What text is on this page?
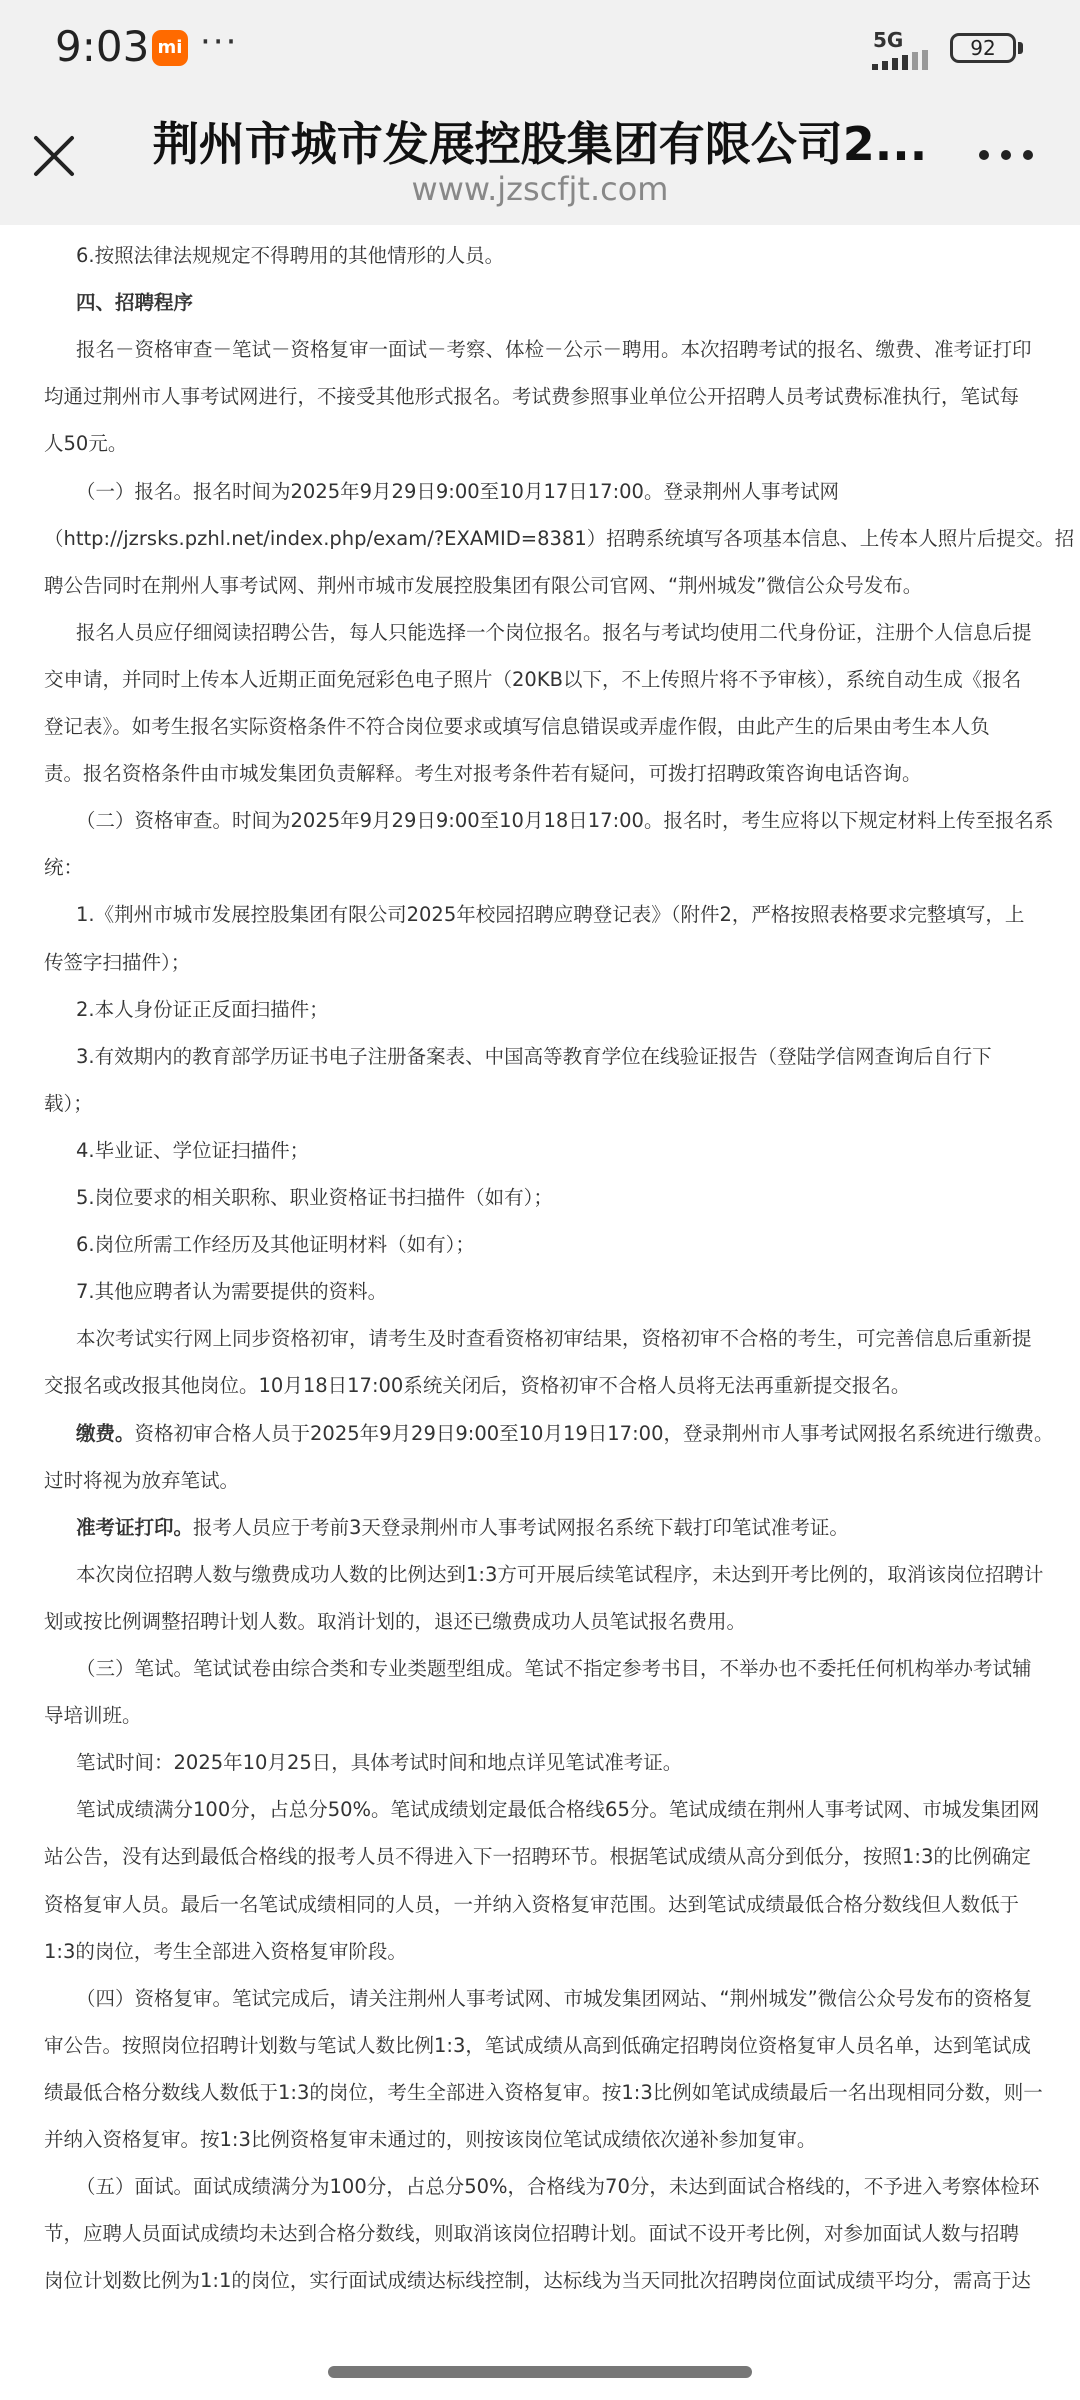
9:03 mi ···	5G	92
荆州市城市发展控股集团有限公司2...
www.jzscfjt.com
6.按照法律法规规定不得聘用的其他情形的人员。
四、招聘程序
报名－资格审查－笔试－资格复审一面试－考察、体检－公示－聘用。本次招聘考试的报名、缴费、准考证打印
均通过荆州市人事考试网进行，不接受其他形式报名。考试费参照事业单位公开招聘人员考试费标准执行，笔试每
人50元。
（一）报名。报名时间为2025年9月29日9:00至10月17日17:00。登录荆州人事考试网
（http://jzrsks.pzhl.net/index.php/exam/?EXAMID=8381）招聘系统填写各项基本信息、上传本人照片后提交。招
聘公告同时在荆州人事考试网、荆州市城市发展控股集团有限公司官网、“荆州城发”微信公众号发布。
报名人员应仔细阅读招聘公告，每人只能选择一个岗位报名。报名与考试均使用二代身份证，注册个人信息后提
交申请，并同时上传本人近期正面免冠彩色电子照片（20KB以下，不上传照片将不予审核），系统自动生成《报名
登记表》。如考生报名实际资格条件不符合岗位要求或填写信息错误或弄虚作假，由此产生的后果由考生本人负
责。报名资格条件由市城发集团负责解释。考生对报考条件若有疑问，可拨打招聘政策咨询电话咨询。
（二）资格审查。时间为2025年9月29日9:00至10月18日17:00。报名时，考生应将以下规定材料上传至报名系
统：
1.《荆州市城市发展控股集团有限公司2025年校园招聘应聘登记表》（附件2，严格按照表格要求完整填写，上
传签字扫描件）；
2.本人身份证正反面扫描件；
3.有效期内的教育部学历证书电子注册备案表、中国高等教育学位在线验证报告（登陆学信网查询后自行下
载）；
4.毕业证、学位证扫描件；
5.岗位要求的相关职称、职业资格证书扫描件（如有）；
6.岗位所需工作经历及其他证明材料（如有）；
7.其他应聘者认为需要提供的资料。
本次考试实行网上同步资格初审，请考生及时查看资格初审结果，资格初审不合格的考生，可完善信息后重新提
交报名或改报其他岗位。10月18日17:00系统关闭后，资格初审不合格人员将无法再重新提交报名。
缴费。资格初审合格人员于2025年9月29日9:00至10月19日17:00，登录荆州市人事考试网报名系统进行缴费。
过时将视为放弃笔试。
准考证打印。报考人员应于考前3天登录荆州市人事考试网报名系统下载打印笔试准考证。
本次岗位招聘人数与缴费成功人数的比例达到1:3方可开展后续笔试程序，未达到开考比例的，取消该岗位招聘计
划或按比例调整招聘计划人数。取消计划的，退还已缴费成功人员笔试报名费用。
（三）笔试。笔试试卷由综合类和专业类题型组成。笔试不指定参考书目，不举办也不委托任何机构举办考试辅
导培训班。
笔试时间：2025年10月25日，具体考试时间和地点详见笔试准考证。
笔试成绩满分100分，占总分50%。笔试成绩划定最低合格线65分。笔试成绩在荆州人事考试网、市城发集团网
站公告，没有达到最低合格线的报考人员不得进入下一招聘环节。根据笔试成绩从高分到低分，按照1:3的比例确定
资格复审人员。最后一名笔试成绩相同的人员，一并纳入资格复审范围。达到笔试成绩最低合格分数线但人数低于
1:3的岗位，考生全部进入资格复审阶段。
（四）资格复审。笔试完成后，请关注荆州人事考试网、市城发集团网站、“荆州城发”微信公众号发布的资格复
审公告。按照岗位招聘计划数与笔试人数比例1:3，笔试成绩从高到低确定招聘岗位资格复审人员名单，达到笔试成
绩最低合格分数线人数低于1:3的岗位，考生全部进入资格复审。按1:3比例如笔试成绩最后一名出现相同分数，则一
并纳入资格复审。按1:3比例资格复审未通过的，则按该岗位笔试成绩依次递补参加复审。
（五）面试。面试成绩满分为100分，占总分50%，合格线为70分，未达到面试合格线的，不予进入考察体检环
节，应聘人员面试成绩均未达到合格分数线，则取消该岗位招聘计划。面试不设开考比例，对参加面试人数与招聘
岗位计划数比例为1:1的岗位，实行面试成绩达标线控制，达标线为当天同批次招聘岗位面试成绩平均分，需高于达
